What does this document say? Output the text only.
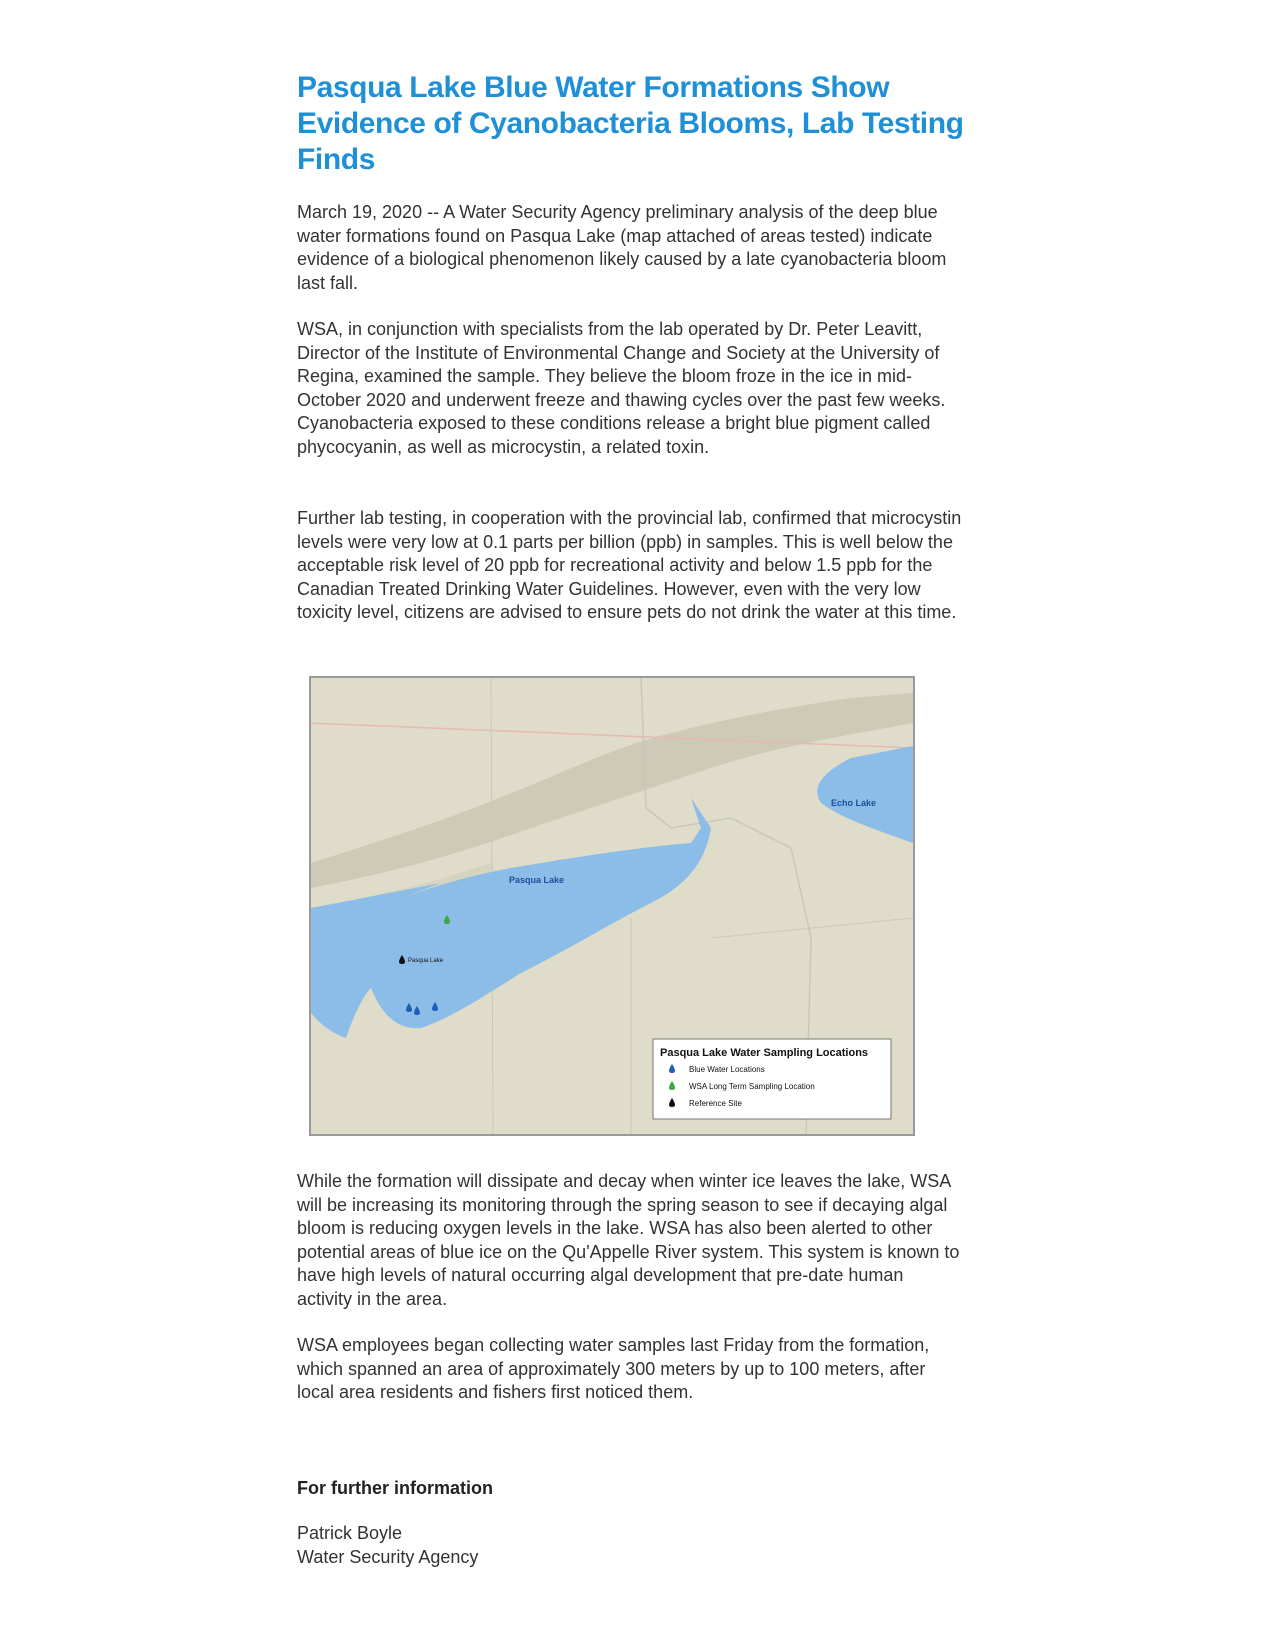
Pasqua Lake Blue Water Formations Show Evidence of Cyanobacteria Blooms, Lab Testing Finds

March 19, 2020 -- A Water Security Agency preliminary analysis of the deep blue water formations found on Pasqua Lake (map attached of areas tested) indicate evidence of a biological phenomenon likely caused by a late cyanobacteria bloom last fall.

WSA, in conjunction with specialists from the lab operated by Dr. Peter Leavitt, Director of the Institute of Environmental Change and Society at the University of Regina, examined the sample. They believe the bloom froze in the ice in mid-October 2020 and underwent freeze and thawing cycles over the past few weeks. Cyanobacteria exposed to these conditions release a bright blue pigment called phycocyanin, as well as microcystin, a related toxin.

Further lab testing, in cooperation with the provincial lab, confirmed that microcystin levels were very low at 0.1 parts per billion (ppb) in samples. This is well below the acceptable risk level of 20 ppb for recreational activity and below 1.5 ppb for the Canadian Treated Drinking Water Guidelines. However, even with the very low toxicity level, citizens are advised to ensure pets do not drink the water at this time.

Pasqua Lake
Echo Lake
Pasqua Lake
Pasqua Lake Water Sampling Locations
Blue Water Locations
WSA Long Term Sampling Location
Reference Site

While the formation will dissipate and decay when winter ice leaves the lake, WSA will be increasing its monitoring through the spring season to see if decaying algal bloom is reducing oxygen levels in the lake. WSA has also been alerted to other potential areas of blue ice on the Qu'Appelle River system. This system is known to have high levels of natural occurring algal development that pre-date human activity in the area.

WSA employees began collecting water samples last Friday from the formation, which spanned an area of approximately 300 meters by up to 100 meters, after local area residents and fishers first noticed them.

For further information

Patrick Boyle
Water Security Agency
